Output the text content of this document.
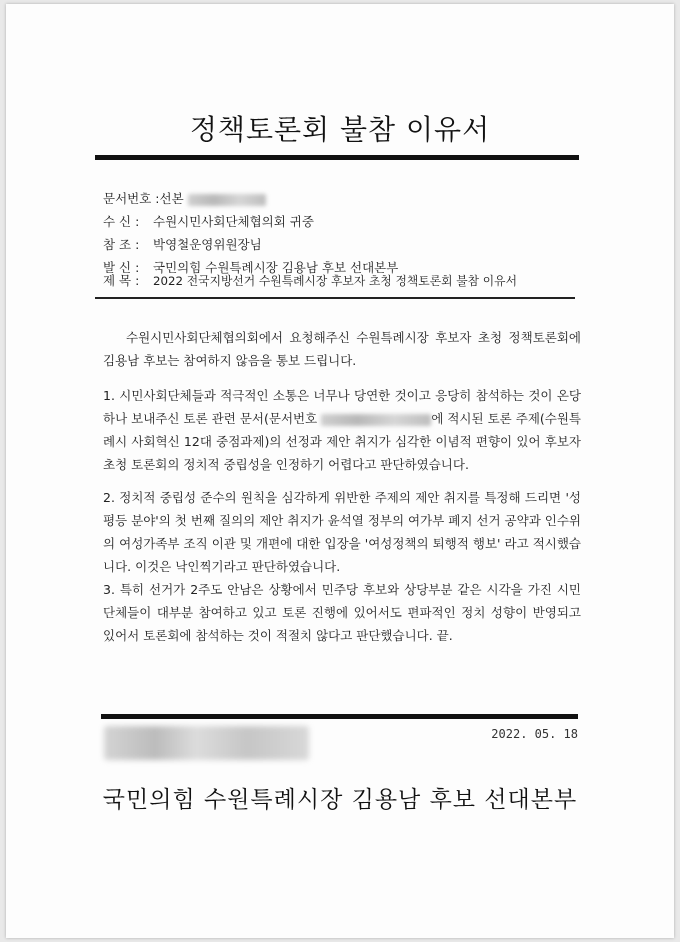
정책토론회 불참 이유서
문서번호 :선본
수 신 :수원시민사회단체협의회 귀중
참 조 :박영철운영위원장님
발 신 :국민의힘 수원특례시장 김용남 후보 선대본부
제 목 :2022 전국지방선거 수원특례시장 후보자 초청 정책토론회 불참 이유서
수원시민사회단체협의회에서 요청해주신 수원특례시장 후보자 초청 정책토론회에 김용남 후보는 참여하지 않음을 통보 드립니다.
1. 시민사회단체들과 적극적인 소통은 너무나 당연한 것이고 응당히 참석하는 것이 온당하나 보내주신 토론 관련 문서(문서번호	에 적시된 토론 주제(수원특례시 사회혁신 12대 중점과제)의 선정과 제안 취지가 심각한 이념적 편향이 있어 후보자 초청 토론회의 정치적 중립성을 인정하기 어렵다고 판단하였습니다.
2. 정치적 중립성 준수의 원칙을 심각하게 위반한 주제의 제안 취지를 특정해 드리면 '성평등 분야'의 첫 번째 질의의 제안 취지가 윤석열 정부의 여가부 폐지 선거 공약과 인수위의 여성가족부 조직 이관 및 개편에 대한 입장을 '여성정책의 퇴행적 행보' 라고 적시했습니다. 이것은 낙인찍기라고 판단하였습니다.
3. 특히 선거가 2주도 안남은 상황에서 민주당 후보와 상당부분 같은 시각을 가진 시민단체들이 대부분 참여하고 있고 토론 진행에 있어서도 편파적인 정치 성향이 반영되고 있어서 토론회에 참석하는 것이 적절치 않다고 판단했습니다. 끝.
2022. 05. 18
국민의힘 수원특례시장 김용남 후보 선대본부
